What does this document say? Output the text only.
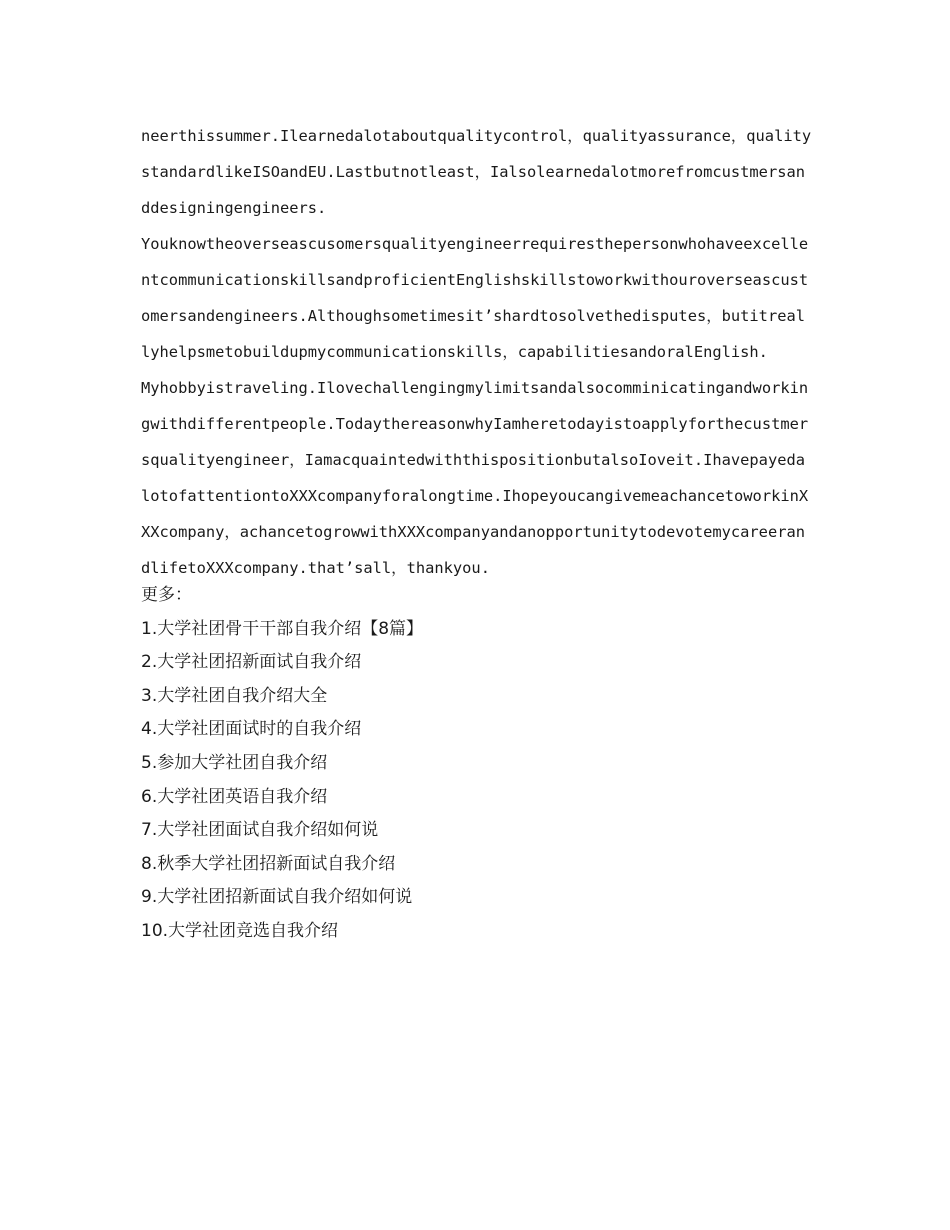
neerthissummer.Ilearnedalotaboutqualitycontrol，qualityassurance，qualitystandardlikeISOandEU.Lastbutnotleast，Ialsolearnedalotmorefromcustmersanddesigningengineers.

Youknowtheoverseascusomersqualityengineerrequiresthepersonwhohaveexcellentcommunicationskillsandproficient​Englishskillstoworkwithouroverseascustomersandengineers.Althoughsometimesit’shardtosolvethedisputes，butitreallyhelpsmetobuildupmycommunicationskills，capabilitiesandoralEnglish.

Myhobbyistraveling.Ilovechallengingmylimitsandalsocomminicatingandworkingwithdifferentpeople.TodaythereasonwhyIamheretodayistoapplyforthecustmersqualityengineer，IamacquaintedwiththispositionbutalsoIoveit.IhavepayedalotofattentiontoXXXcompanyforalongtime.IhopeyoucangivemeachancetoworkinXXXcompany，achancetogrowwithXXXcompanyandanopportunitytodevotemycareerandlifetoXXXcompany.that’sall，thankyou.

更多：
1.大学社团骨干干部自我介绍【8篇】
2.大学社团招新面试自我介绍
3.大学社团自我介绍大全
4.大学社团面试时的自我介绍
5.参加大学社团自我介绍
6.大学社团英语自我介绍
7.大学社团面试自我介绍如何说
8.秋季大学社团招新面试自我介绍
9.大学社团招新面试自我介绍如何说
10.大学社团竞选自我介绍
